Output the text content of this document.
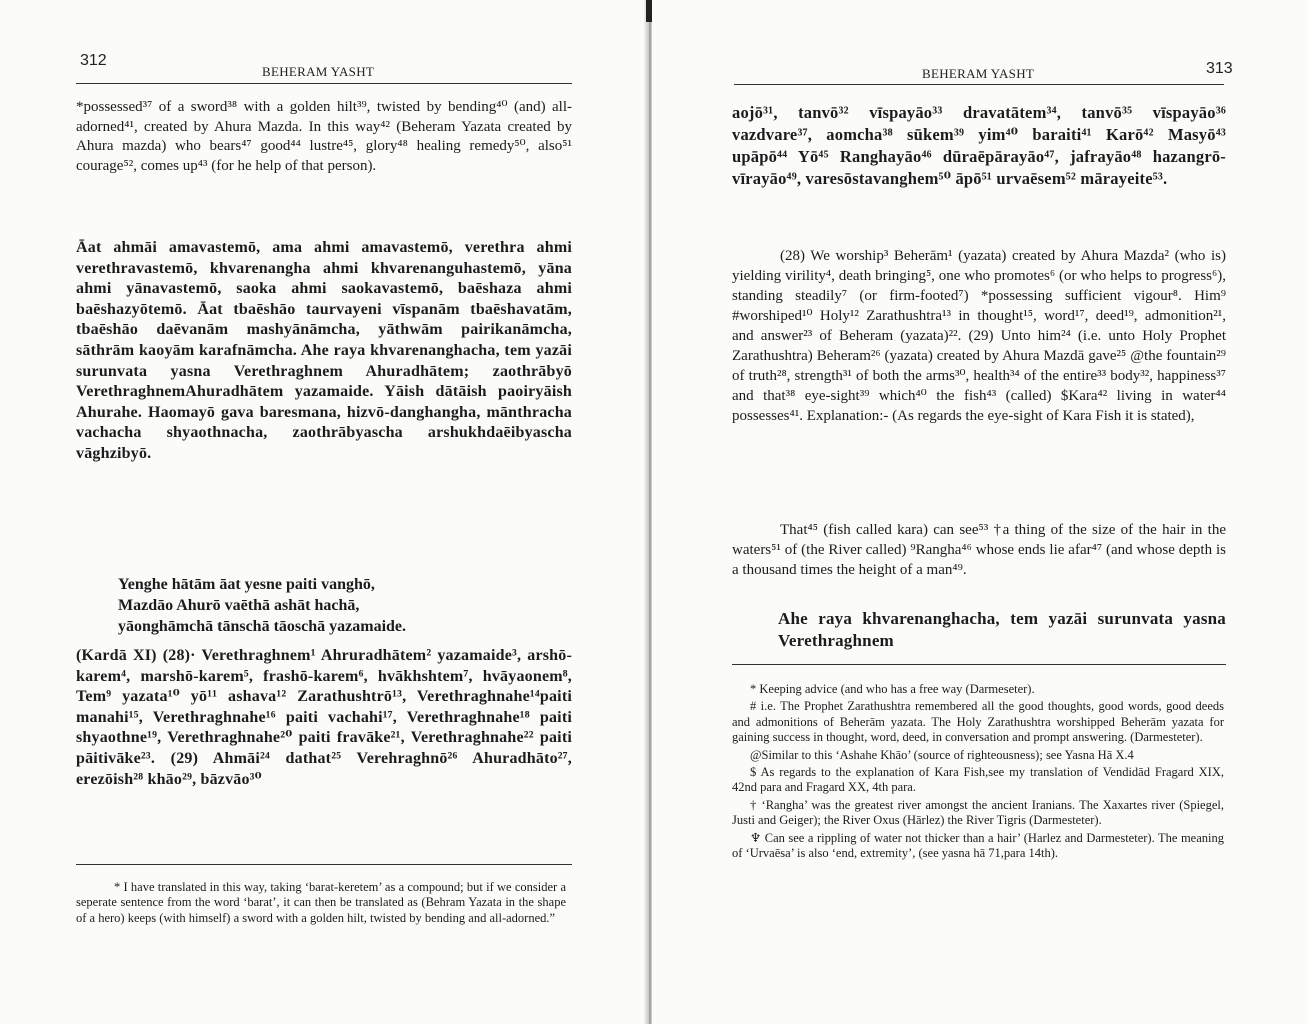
312
BEHERAM YASHT

*possessed³⁷ of a sword³⁸ with a golden hilt³⁹, twisted by bending⁴⁰ (and) all-adorned⁴¹, created by Ahura Mazda. In this way⁴² (Beheram Yazata created by Ahura mazda) who bears⁴⁷ good⁴⁴ lustre⁴⁵, glory⁴⁸ healing remedy⁵⁰, also⁵¹ courage⁵², comes up⁴³ (for he help of that person).

Āat ahmāi amavastemō, ama ahmi amavastemō, verethra ahmi verethravastemō, khvarenangha ahmi khvarenanguhastemō, yāna ahmi yānavastemō, saoka ahmi saokavastemō, baēshaza ahmi baēshazyōtemō. Āat tbaēshāo taurvayeni vīspanām tbaēshavatām, tbaēshāo daēvanām mashyānāmcha, yāthwām pairikanāmcha, sāthrām kaoyām karafnāmcha. Ahe raya khvarenanghacha, tem yazāi surunvata yasna Verethraghnem Ahuradhātem; zaothrābyō VerethraghnemAhuradhātem yazamaide. Yāish dātāish paoiryāish Ahurahe. Haomayō gava baresmana, hizvō-danghangha, mānthracha vachacha shyaothnacha, zaothrābyascha arshukhdaēibyascha vāghzibyō.

Yenghe hātām āat yesne paiti vanghō,
Mazdāo Ahurō vaēthā ashāt hachā,
yāonghāmchā tānschā tāoschā yazamaide.

(Kardā XI) (28)· Verethraghnem¹ Ahruradhātem² yazamaide³, arshō-karem⁴, marshō-karem⁵, frashō-karem⁶, hvākhshtem⁷, hvāyaonem⁸, Tem⁹ yazata¹⁰ yō¹¹ ashava¹² Zarathushtrō¹³, Verethraghnahe¹⁴paiti manahi¹⁵, Verethraghnahe¹⁶ paiti vachahi¹⁷, Verethraghnahe¹⁸ paiti shyaothne¹⁹, Verethraghnahe²⁰ paiti fravāke²¹, Verethraghnahe²² paiti pāitivāke²³. (29) Ahmāi²⁴ dathat²⁵ Verehraghnō²⁶ Ahuradhāto²⁷, erezōish²⁸ khāo²⁹, bāzvāo³⁰

* I have translated in this way, taking ‘barat-keretem’ as a compound; but if we consider a seperate sentence from the word ‘barat’, it can then be translated as (Behram Yazata in the shape of a hero) keeps (with himself) a sword with a golden hilt, twisted by bending and all-adorned.”

BEHERAM YASHT	313

aojō³¹, tanvō³² vīspayāo³³ dravatātem³⁴, tanvō³⁵ vīspayāo³⁶ vazdvare³⁷, aomcha³⁸ sūkem³⁹ yim⁴⁰ baraiti⁴¹ Karō⁴² Masyō⁴³ upāpō⁴⁴ Yō⁴⁵ Ranghayāo⁴⁶ dūraēpārayāo⁴⁷, jafrayāo⁴⁸ hazangrō-vīrayāo⁴⁹, varesōstavanghem⁵⁰ āpō⁵¹ urvaēsem⁵² mārayeite⁵³.

(28) We worship³ Beherām¹ (yazata) created by Ahura Mazda² (who is) yielding virility⁴, death bringing⁵, one who promotes⁶ (or who helps to progress⁶), standing steadily⁷ (or firm-footed⁷) *possessing sufficient vigour⁸. Him⁹ #worshiped¹⁰ Holy¹² Zarathushtra¹³ in thought¹⁵, word¹⁷, deed¹⁹, admonition²¹, and answer²³ of Beheram (yazata)²². (29) Unto him²⁴ (i.e. unto Holy Prophet Zarathushtra) Beheram²⁶ (yazata) created by Ahura Mazdā gave²⁵ @the fountain²⁹ of truth²⁸, strength³¹ of both the arms³⁰, health³⁴ of the entire³³ body³², happiness³⁷ and that³⁸ eye-sight³⁹ which⁴⁰ the fish⁴³ (called) $Kara⁴² living in water⁴⁴ possesses⁴¹. Explanation:- (As regards the eye-sight of Kara Fish it is stated),

That⁴⁵ (fish called kara) can see⁵³ †a thing of the size of the hair in the waters⁵¹ of (the River called) ⁹Rangha⁴⁶ whose ends lie afar⁴⁷ (and whose depth is a thousand times the height of a man⁴⁹.

Ahe raya khvarenanghacha, tem yazāi surunvata yasna Verethraghnem

* Keeping advice (and who has a free way (Darmeseter).

# i.e. The Prophet Zarathushtra remembered all the good thoughts, good words, good deeds and admonitions of Beherām yazata. The Holy Zarathushtra worshipped Beherām yazata for gaining success in thought, word, deed, in conversation and prompt answering. (Darmesteter).

@Similar to this ‘Ashahe Khāo’ (source of righteousness); see Yasna Hā X.4

$ As regards to the explanation of Kara Fish,see my translation of Vendidād Fragard XIX, 42nd para and Fragard XX, 4th para.

† ‘Rangha’ was the greatest river amongst the ancient Iranians. The Xaxartes river (Spiegel, Justi and Geiger); the River Oxus (Hārlez) the River Tigris (Darmesteter).

♆ Can see a rippling of water not thicker than a hair’ (Harlez and Darmesteter). The meaning of ‘Urvaēsa’ is also ‘end, extremity’, (see yasna hā 71,para 14th).
